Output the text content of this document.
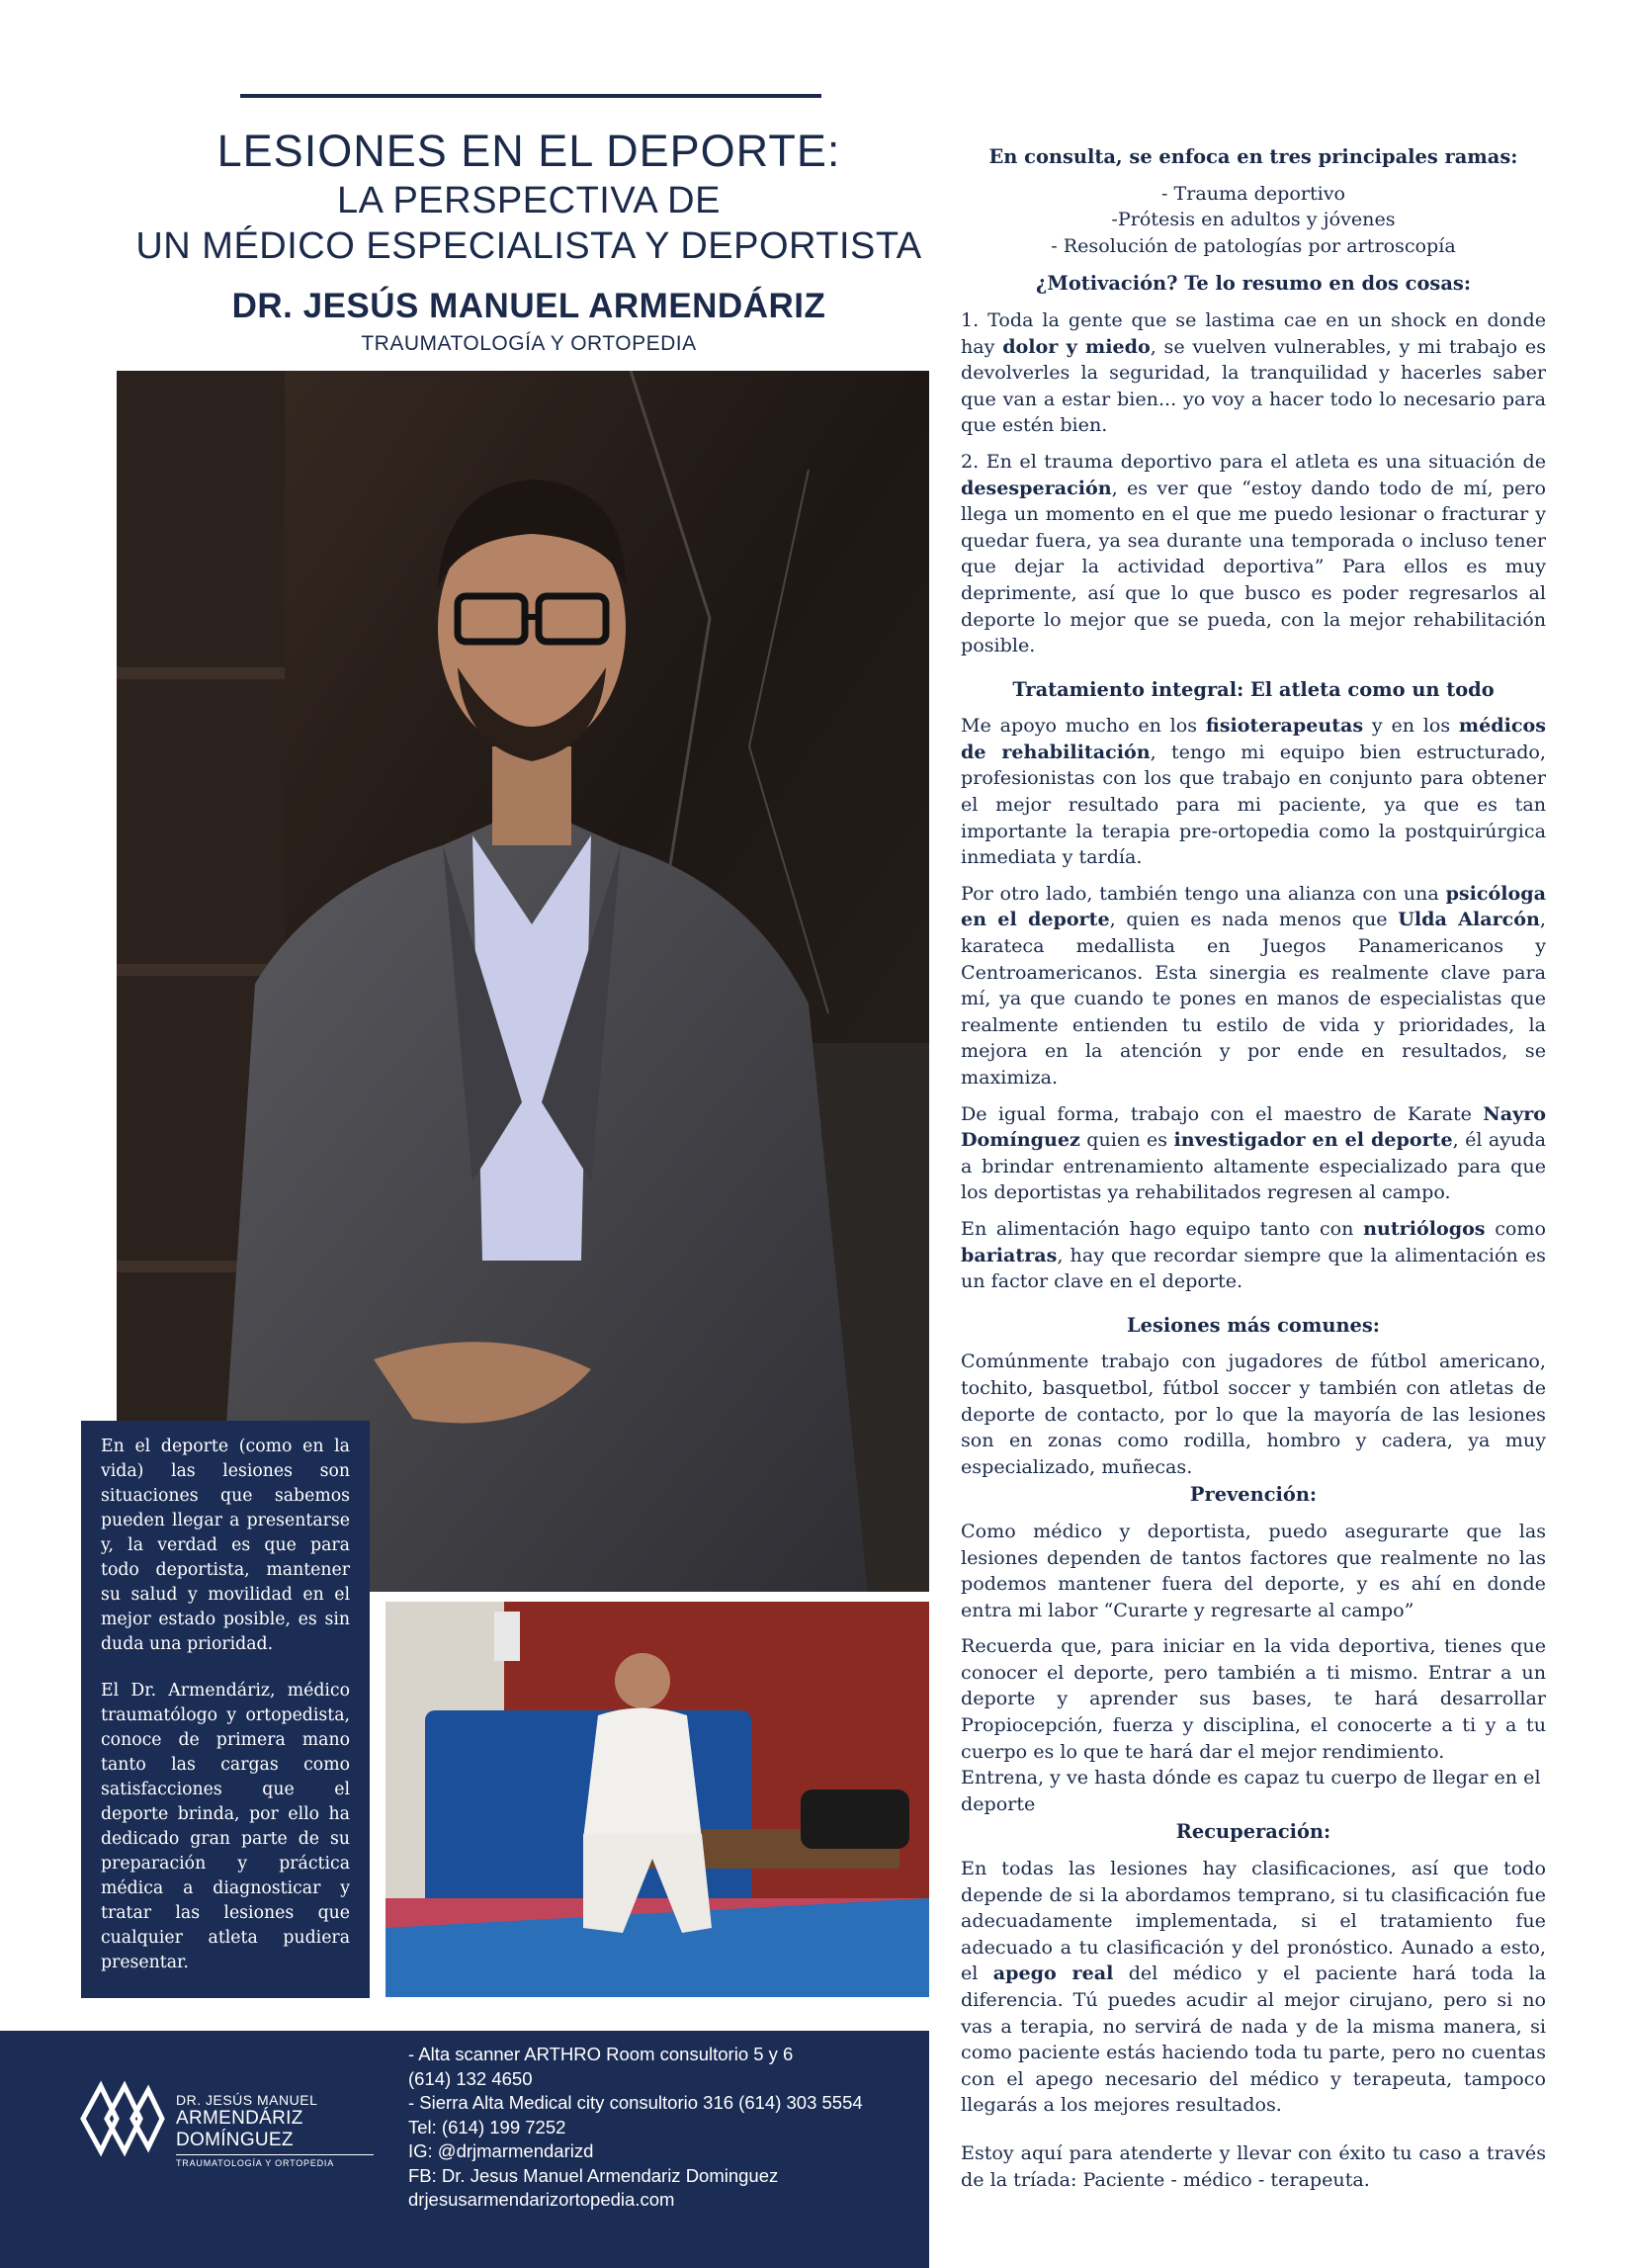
LESIONES EN EL DEPORTE:
LA PERSPECTIVA DE
UN MÉDICO ESPECIALISTA Y DEPORTISTA
DR. JESÚS MANUEL ARMENDÁRIZ
TRAUMATOLOGÍA Y ORTOPEDIA

En el deporte (como en la vida) las lesiones son situaciones que sabemos pueden llegar a presentarse y, la verdad es que para todo deportista, mantener su salud y movilidad en el mejor estado posible, es sin duda una prioridad.

El Dr. Armendáriz, médico traumatólogo y ortopedista, conoce de primera mano tanto las cargas como satisfacciones que el deporte brinda, por ello ha dedicado gran parte de su preparación y práctica médica a diagnosticar y tratar las lesiones que cualquier atleta pudiera presentar.

DR. JESÚS MANUEL
ARMENDÁRIZ DOMÍNGUEZ
TRAUMATOLOGÍA Y ORTOPEDIA
- Alta scanner ARTHRO Room consultorio 5 y 6
(614) 132 4650
- Sierra Alta Medical city consultorio 316 (614) 303 5554
Tel: (614) 199 7252
IG: @drjmarmendarizd
FB: Dr. Jesus Manuel Armendariz Dominguez
drjesusarmendarizortopedia.com
En consulta, se enfoca en tres principales ramas:
- Trauma deportivo
-Prótesis en adultos y jóvenes
- Resolución de patologías por artroscopía
¿Motivación? Te lo resumo en dos cosas:

1. Toda la gente que se lastima cae en un shock en donde hay dolor y miedo, se vuelven vulnerables, y mi trabajo es devolverles la seguridad, la tranquilidad y hacerles saber que van a estar bien... yo voy a hacer todo lo necesario para que estén bien.

2. En el trauma deportivo para el atleta es una situación de desesperación, es ver que “estoy dando todo de mí, pero llega un momento en el que me puedo lesionar o fracturar y quedar fuera, ya sea durante una temporada o incluso tener que dejar la actividad deportiva” Para ellos es muy deprimente, así que lo que busco es poder regresarlos al deporte lo mejor que se pueda, con la mejor rehabilitación posible.

Tratamiento integral: El atleta como un todo

Me apoyo mucho en los fisioterapeutas y en los médicos de rehabilitación, tengo mi equipo bien estructurado, profesionistas con los que trabajo en conjunto para obtener el mejor resultado para mi paciente, ya que es tan importante la terapia pre-ortopedia como la postquirúrgica inmediata y tardía.

Por otro lado, también tengo una alianza con una psicóloga en el deporte, quien es nada menos que Ulda Alarcón, karateca medallista en Juegos Panamericanos y Centroamericanos. Esta sinergia es realmente clave para mí, ya que cuando te pones en manos de especialistas que realmente entienden tu estilo de vida y prioridades, la mejora en la atención y por ende en resultados, se maximiza.

De igual forma, trabajo con el maestro de Karate Nayro Domínguez quien es investigador en el deporte, él ayuda a brindar entrenamiento altamente especializado para que los deportistas ya rehabilitados regresen al campo.

En alimentación hago equipo tanto con nutriólogos como bariatras, hay que recordar siempre que la alimentación es un factor clave en el deporte.

Lesiones más comunes:

Comúnmente trabajo con jugadores de fútbol americano, tochito, basquetbol, fútbol soccer y también con atletas de deporte de contacto, por lo que la mayoría de las lesiones son en zonas como rodilla, hombro y cadera, ya muy especializado, muñecas.

Prevención:

Como médico y deportista, puedo asegurarte que las lesiones dependen de tantos factores que realmente no las podemos mantener fuera del deporte, y es ahí en donde entra mi labor “Curarte y regresarte al campo”

Recuerda que, para iniciar en la vida deportiva, tienes que conocer el deporte, pero también a ti mismo. Entrar a un deporte y aprender sus bases, te hará desarrollar Propiocepción, fuerza y disciplina, el conocerte a ti y a tu cuerpo es lo que te hará dar el mejor rendimiento.

Entrena, y ve hasta dónde es capaz tu cuerpo de llegar en el deporte

Recuperación:

En todas las lesiones hay clasificaciones, así que todo depende de si la abordamos temprano, si tu clasificación fue adecuadamente implementada, si el tratamiento fue adecuado a tu clasificación y del pronóstico. Aunado a esto, el apego real del médico y el paciente hará toda la diferencia. Tú puedes acudir al mejor cirujano, pero si no vas a terapia, no servirá de nada y de la misma manera, si como paciente estás haciendo toda tu parte, pero no cuentas con el apego necesario del médico y terapeuta, tampoco llegarás a los mejores resultados.

Estoy aquí para atenderte y llevar con éxito tu caso a través de la tríada: Paciente - médico - terapeuta.
